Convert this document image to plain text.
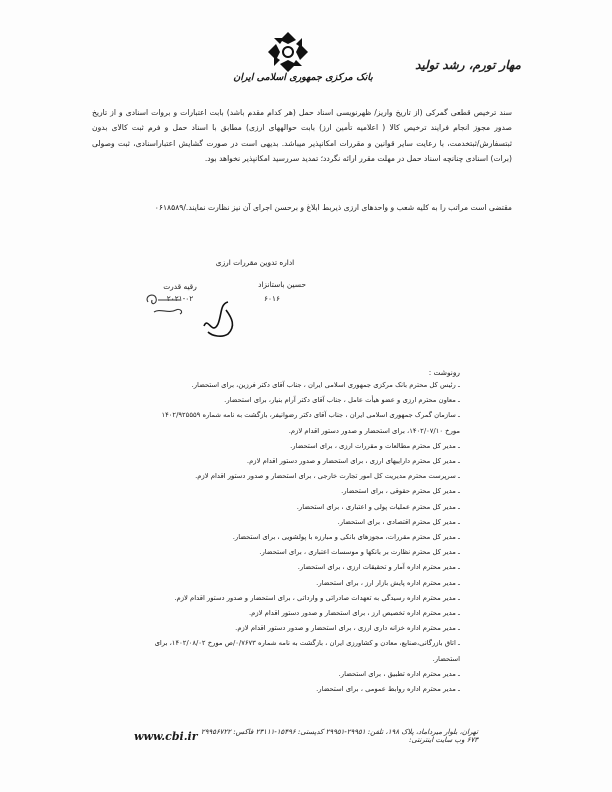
بانک مرکزی جمهوری اسلامی ایران
مهار تورم، رشد تولید

سند ترخیص قطعی گمرکی (از تاریخ واریز/ ظهرنویسی اسناد حمل (هر کدام مقدم باشد) بابت اعتبارات و بروات اسنادی و از تاریخ صدور مجوز انجام فرایند ترخیص کالا ( اعلامیه تأمین ارز) بابت حوالههای ارزی) مطابق با اسناد حمل و فرم ثبت کالای بدون ثبتسفارش/ثبتخدمت، با رعایت سایر قوانین و مقررات امکانپذیر میباشد. بدیهی است در صورت گشایش اعتباراسنادی، ثبت وصولی (برات) اسنادی چنانچه اسناد حمل در مهلت مقرر ارائه نگردد؛ تمدید سررسید امکانپذیر نخواهد بود.

مقتضی است مراتب را به کلیه شعب و واحدهای ارزی ذیربط ابلاغ و برحسن اجرای آن نیز نظارت نمایند./۰۶۱۸۵۸۹

اداره تدوین مقررات ارزی
حسین باستانزاد
رقیه قدرت
۶۰۱۶
۲۰۲۱-۰۲
رونوشت :
ـ رئیس کل محترم بانک مرکزی جمهوری اسلامی ایران ، جناب آقای دکتر فرزین، برای استحضار.
ـ معاون محترم ارزی و عضو هیأت عامل ، جناب آقای دکتر آرام بنیار، برای استحضار.
ـ سازمان گمرک جمهوری اسلامی ایران ، جناب آقای دکتر رضوانیفر، بازگشت به نامه شماره ۱۴۰۲/۹۲۵۵۵۹
مورخ ۱۴۰۲/۰۷/۱۰، برای استحضار و صدور دستور اقدام لازم.
ـ مدیر کل محترم مطالعات و مقررات ارزی ، برای استحضار.
ـ مدیر کل محترم داراییهای ارزی ، برای استحضار و صدور دستور اقدام لازم.
ـ سرپرست محترم مدیریت کل امور تجارت خارجی ، برای استحضار و صدور دستور اقدام لازم.
ـ مدیر کل محترم حقوقی ، برای استحضار.
ـ مدیر کل محترم عملیات پولی و اعتباری ، برای استحضار.
ـ مدیر کل محترم اقتصادی ، برای استحضار.
ـ مدیر کل محترم مقررات، مجوزهای بانکی و مبارزه با پولشویی ، برای استحضار.
ـ مدیر کل محترم نظارت بر بانکها و موسسات اعتباری ، برای استحضار.
ـ مدیر محترم اداره آمار و تحقیقات ارزی ، برای استحضار.
ـ مدیر محترم اداره پایش بازار ارز ، برای استحضار.
ـ مدیر محترم اداره رسیدگی به تعهدات صادراتی و وارداتی ، برای استحضار و صدور دستور اقدام لازم.
ـ مدیر محترم اداره تخصیص ارز ، برای استحضار و صدور دستور اقدام لازم.
ـ مدیر محترم اداره خزانه داری ارزی ، برای استحضار و صدور دستور اقدام لازم.
ـ اتاق بازرگانی،صنایع، معادن و کشاورزی ایران ، بازگشت به نامه شماره ۰/۷۶۷۳/ص مورخ ۱۴۰۲/۰۸/۰۲، برای
استحضار.
ـ مدیر محترم اداره تطبیق ، برای استحضار.
ـ مدیر محترم اداره روابط عمومی ، برای استحضار.
تهران، بلوار میرداماد، پلاک ۱۹۸، تلفن: ۲۹۹۵۱-۲۹۹۵۱ کدپستی: ۱۵۴۹۶-۲۳۱۱۱ فاکس: ۲۹۹۵۶۷۲۲ ۶۷۳ وب سایت اینترنتی:
www.cbi.ir
